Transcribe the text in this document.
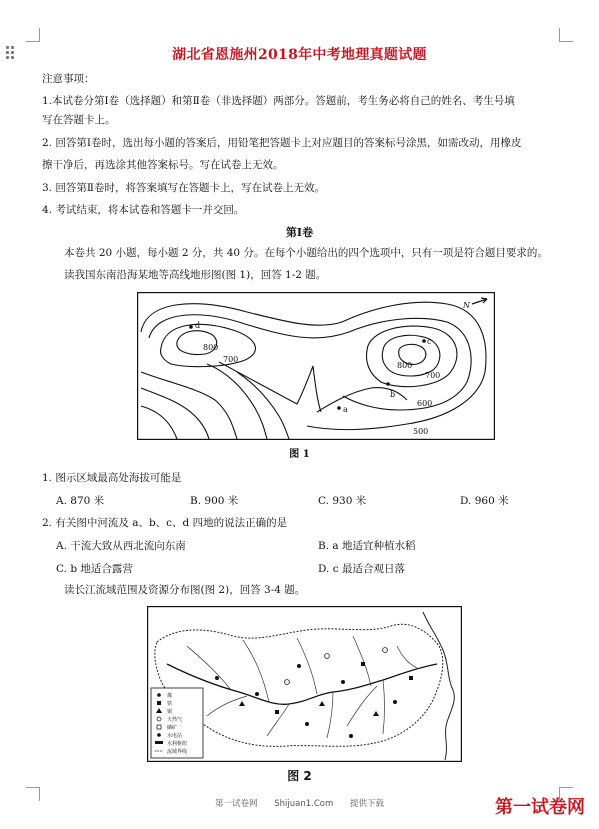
湖北省恩施州2018年中考地理真题试题
注意事项：
1.本试卷分第Ⅰ卷（选择题）和第Ⅱ卷（非选择题）两部分。答题前，考生务必将自己的姓名、考生号填
写在答题卡上。
2. 回答第Ⅰ卷时，选出每小题的答案后，用铅笔把答题卡上对应题目的答案标号涂黑，如需改动，用橡皮
擦干净后，再选涂其他答案标号。写在试卷上无效。
3. 回答第Ⅱ卷时，将答案填写在答题卡上，写在试卷上无效。
4. 考试结束，将本试卷和答题卡一并交回。
第Ⅰ卷
本卷共 20 小题，每小题 2 分，共 40 分。在每个小题给出的四个选项中，只有一项是符合题目要求的。
读我国东南沿海某地等高线地形图(图 1)，回答 1-2 题。
d
800
700
c
800
700
b
600
a
500
N
图 1
1. 图示区域最高处海拔可能是
A. 870 米	B. 900 米	C. 930 米	D. 960 米
2. 有关图中河流及 a、b、c、d 四地的说法正确的是
A. 干流大致从西北流向东南	B. a 地适宜种植水稻
C. b 地适合露营	D. c 最适合观日落
读长江流域范围及资源分布图(图 2)，回答 3-4 题。
煤
铁
铜
天然气
磷矿
水电站
水利枢纽
流域界线
图 2
第一试卷网 Shijuan1.Com 提供下载	第一试卷网
